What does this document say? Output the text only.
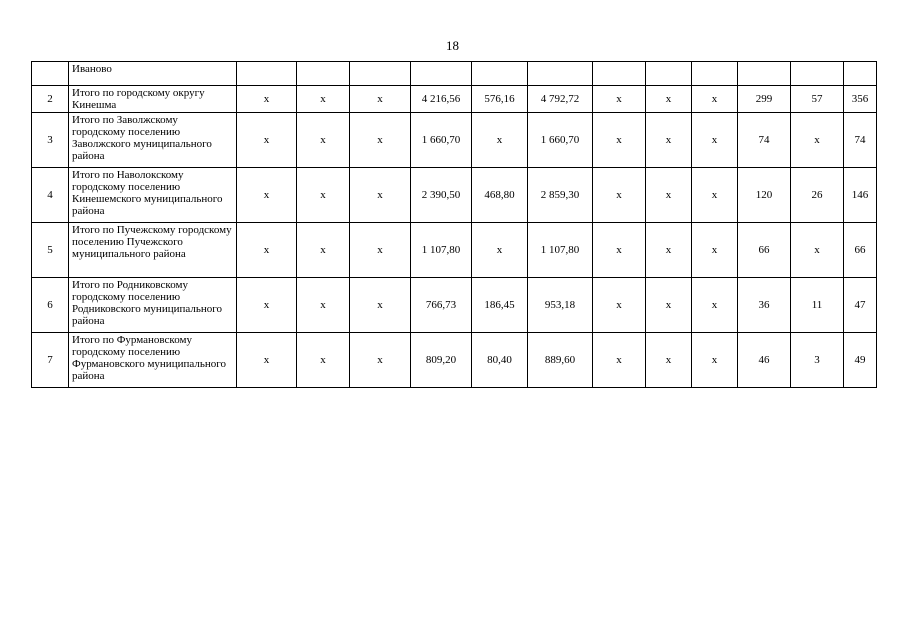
18
	Иваново												
2	Итого по городскому округу Кинешма	x	x	x	4 216,56	576,16	4 792,72	x	x	x	299	57	356
3	Итого по Заволжскому городскому поселению Заволжского муниципального района	x	x	x	1 660,70	x	1 660,70	x	x	x	74	x	74
4	Итого по Наволокскому городскому поселению Кинешемского муниципального района	x	x	x	2 390,50	468,80	2 859,30	x	x	x	120	26	146
5	Итого по Пучежскому городскому поселению Пучежского муниципального района	x	x	x	1 107,80	x	1 107,80	x	x	x	66	x	66
6	Итого по Родниковскому городскому поселению Родниковского муниципального района	x	x	x	766,73	186,45	953,18	x	x	x	36	11	47
7	Итого по Фурмановскому городскому поселению Фурмановского муниципального района	x	x	x	809,20	80,40	889,60	x	x	x	46	3	49
